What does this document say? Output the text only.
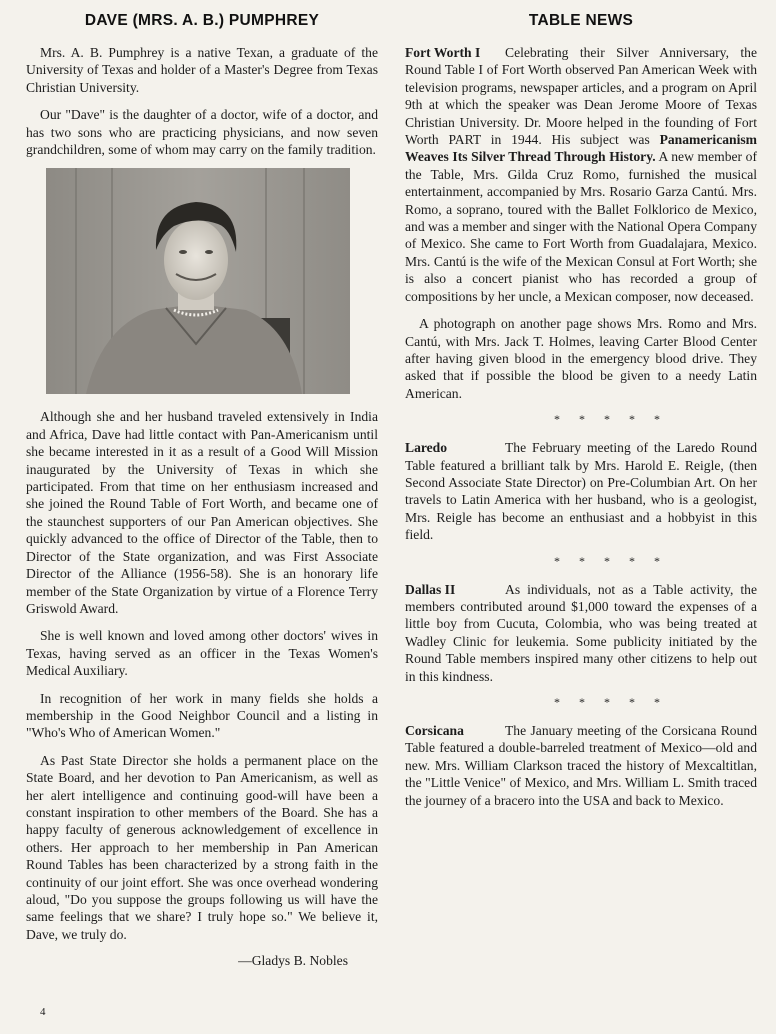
DAVE (MRS. A. B.) PUMPHREY

Mrs. A. B. Pumphrey is a native Texan, a graduate of the University of Texas and holder of a Master's Degree from Texas Christian University.

Our "Dave" is the daughter of a doctor, wife of a doctor, and has two sons who are practicing physicians, and now seven grandchildren, some of whom may carry on the family tradition.

Although she and her husband traveled extensively in India and Africa, Dave had little contact with Pan-Americanism until she became interested in it as a result of a Good Will Mission inaugurated by the University of Texas in which she participated. From that time on her enthusiasm increased and she joined the Round Table of Fort Worth, and became one of the staunchest supporters of our Pan American objectives. She quickly advanced to the office of Director of the Table, then to Director of the State organization, and was First Associate Director of the Alliance (1956-58). She is an honorary life member of the State Organization by virtue of a Florence Terry Griswold Award.

She is well known and loved among other doctors' wives in Texas, having served as an officer in the Texas Women's Medical Auxiliary.

In recognition of her work in many fields she holds a membership in the Good Neighbor Council and a listing in "Who's Who of American Women."

As Past State Director she holds a permanent place on the State Board, and her devotion to Pan Americanism, as well as her alert intelligence and continuing good-will have been a constant inspiration to other members of the Board. She has a happy faculty of generous acknowledgement of excellence in others. Her approach to her membership in Pan American Round Tables has been characterized by a strong faith in the continuity of our joint effort. She was once overhead wondering aloud, "Do you suppose the groups following us will have the same feelings that we share? I truly hope so." We believe it, Dave, we truly do.

—Gladys B. Nobles
TABLE NEWS

Fort Worth I Celebrating their Silver Anniversary, the Round Table I of Fort Worth observed Pan American Week with television programs, newspaper articles, and a program on April 9th at which the speaker was Dean Jerome Moore of Texas Christian University. Dr. Moore helped in the founding of Fort Worth PART in 1944. His subject was Panamericanism Weaves Its Silver Thread Through History. A new member of the Table, Mrs. Gilda Cruz Romo, furnished the musical entertainment, accompanied by Mrs. Rosario Garza Cantú. Mrs. Romo, a soprano, toured with the Ballet Folklorico de Mexico, and was a member and singer with the National Opera Company of Mexico. She came to Fort Worth from Guadalajara, Mexico. Mrs. Cantú is the wife of the Mexican Consul at Fort Worth; she is also a concert pianist who has recorded a group of compositions by her uncle, a Mexican composer, now deceased.

A photograph on another page shows Mrs. Romo and Mrs. Cantú, with Mrs. Jack T. Holmes, leaving Carter Blood Center after having given blood in the emergency blood drive. They asked that if possible the blood be given to a needy Latin American.

* * * * *

Laredo	The February meeting of the Laredo Round Table featured a brilliant talk by Mrs. Harold E. Reigle, (then Second Associate State Director) on Pre-Columbian Art. On her travels to Latin America with her husband, who is a geologist, Mrs. Reigle has become an enthusiast and a hobbyist in this field.

* * * * *

Dallas II	As individuals, not as a Table activity, the members contributed around $1,000 toward the expenses of a little boy from Cucuta, Colombia, who was being treated at Wadley Clinic for leukemia. Some publicity initiated by the Round Table members inspired many other citizens to help out in this kindness.

* * * * *

Corsicana	The January meeting of the Corsicana Round Table featured a double-barreled treatment of Mexico—old and new. Mrs. William Clarkson traced the history of Mexcaltitlan, the "Little Venice" of Mexico, and Mrs. William L. Smith traced the journey of a bracero into the USA and back to Mexico.

4
